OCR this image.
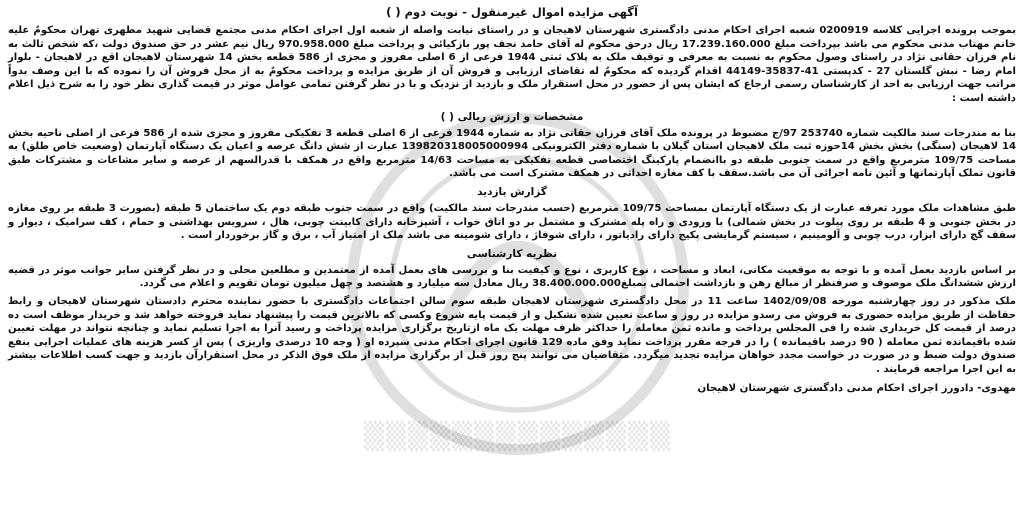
▒▒▒▒▒▒▒▒▒▒▒▒▒▒
آگهی مزایده اموال غیرمنقول - نوبت دوم ( )

بموجب پرونده اجرایی کلاسه 0200919 شعبه اجرای احکام مدنی دادگستری شهرستان لاهیجان و در راستای نیابت واصله از شعبه اول اجرای احکام مدنی مجتمع قضایی شهید مطهری تهران محکومٌ علیه خانم مهتاب مدنی محکوم می باشد بپرداخت مبلغ 17.239.160.000 ریال درحق محکوم له آقای حامد نجف پور بازکیائی و پرداخت مبلغ 970.958.000 ریال نیم عشر در حق صندوق دولت ،که شخص ثالث به نام فرزان حقانی نژاد در راستای وصول محکوم به نسبت به معرفی و توقیف ملک به پلاک ثبتی 1944 فرعی از 6 اصلی مفروز و مجزی از 586 قطعه بخش 14 شهرستان لاهیجان اقع در لاهیجان - بلوار امام رضا - نبش گلستان 27 - کدپستی 41-35837-44149 اقدام گردیده که محکومٌ له تقاضای ارزیابی و فروش آن از طریق مزایده و پرداخت محکومٌ به از محل فروش آن را نموده که با این وصف بدواً مراتب جهت ارزیابی به احد از کارشناسان رسمی ارجاع که ایشان پس از حضور در محل استقرار ملک و بازدید از نزدیک و با در نظر گرفتن تمامی عوامل موثر در قیمت گذاری نظر خود را به شرح ذیل اعلام داشته است :

مشخصات و ارزش ریالی ( )

بنا به مندرجات سند مالکیت شماره 253740 97/ج مضبوط در پرونده ملک آقای فرزان حقانی نژاد به شماره 1944 فرعی از 6 اصلی قطعه 3 تفکیکی مفروز و مجزی شده از 586 فرعی از اصلی ناحیه بخش 14 لاهیجان (سنگی) بخش بخش 14حوزه ثبت ملک لاهیجان استان گیلان با شماره دفتر الکترونیکی 139820318005000994 عبارت از شش دانگ عرصه و اعیان یک دستگاه آپارتمان (وضعیت خاص طلق) به مساحت 109/75 مترمربع واقع در سمت جنوبی طبقه دو باانضمام پارکینگ اختصاصی قطعه تفکیکی به مساحت 14/63 مترمربع واقع در همکف با قدرالسهم از عرصه و سایر مشاعات و مشترکات طبق قانون تملک آپارتمانها و آئین نامه اجرائی آن می باشد.سقف با کف مغازه احداثی در همکف مشترک است می باشد.

گزارش بازدید

طبق مشاهدات ملک مورد تعرفه عبارت از یک دستگاه آپارتمان بمساحت 109/75 مترمربع (حسب مندرجات سند مالکیت) واقع در سمت جنوب طبقه دوم یک ساختمان 5 طبقه (بصورت 3 طبقه بر روی مغازه در بخش جنوبی و 4 طبقه بر روی پیلوت در بخش شمالی) با ورودی و راه پله مشترک و مشتمل بر دو اتاق خواب ، آشپزخانه دارای کابینت چوبی، هال ، سرویس بهداشتی و حمام ، کف سرامیک ، دیوار و سقف گچ دارای ابزار، درب چوبی و آلومینیم ، سیستم گرمایشی پکیج دارای رادیاتور ، دارای شوفاژ ، دارای شومینه می باشد ملک از امتیاز آب ، برق و گاز برخوردار است .

نظریه کارشناسی

بر اساس بازدید بعمل آمده و با توجه به موقعیت مکانی، ابعاد و مساحت ، نوع کاربری ، نوع و کیفیت بنا و بررسی های بعمل آمده از معتمدین و مطلعین محلی و در نظر گرفتن سایر جوانب موثر در قضیه ارزش ششدانگ ملک موصوف و صرفنظر از مبالغ رهن و بازداشت احتمالی بمبلغ38.400.000.000 ریال معادل سه میلیارد و هشتصد و چهل میلیون تومان تقویم و اعلام می گردد.

ملک مذکور در روز چهارشنبه مورخه 1402/09/08 ساعت 11 در محل دادگستری شهرستان لاهیجان طبقه سوم سالن اجتماعات دادگستری با حضور نماینده محترم دادستان شهرستان لاهیجان و رابط حفاظت از طریق مزایده حضوری به فروش می رسدو مزایده در روز و ساعت تعیین شده تشکیل و از قیمت پایه شروع وکسی که بالاترین قیمت را پیشنهاد نماید فروخته خواهد شد و خریدار موظف است ده درصد از قیمت کل خریداری شده را فی المجلس پرداخت و مانده ثمن معامله را حداکثر ظرف مهلت یک ماه ازتاریخ برگزاری مزایده پرداخت و رسید آنرا به اجرا تسلیم نماید و چنانچه نتواند در مهلت تعیین شده باقیمانده ثمن معامله ( 90 درصد باقیمانده ) را در فرجه مقرر پرداخت نماید وفق ماده 129 قانون اجرای احکام مدنی سپرده او ( وجه 10 درصدی واریزی ) پس از کسر هزینه های عملیات اجرایی بنفع صندوق دولت ضبط و در صورت در خواست مجدد خواهان مزایده تجدید میگردد. متقاضیان می توانند پنج روز قبل از برگزاری مزایده از ملک فوق الذکر در محل استقرارآن بازدید و جهت کسب اطلاعات بیشتر به این اجرا مراجعه فرمایند .

مهدوی- دادورز اجرای احکام مدنی دادگستری شهرستان لاهیجان
